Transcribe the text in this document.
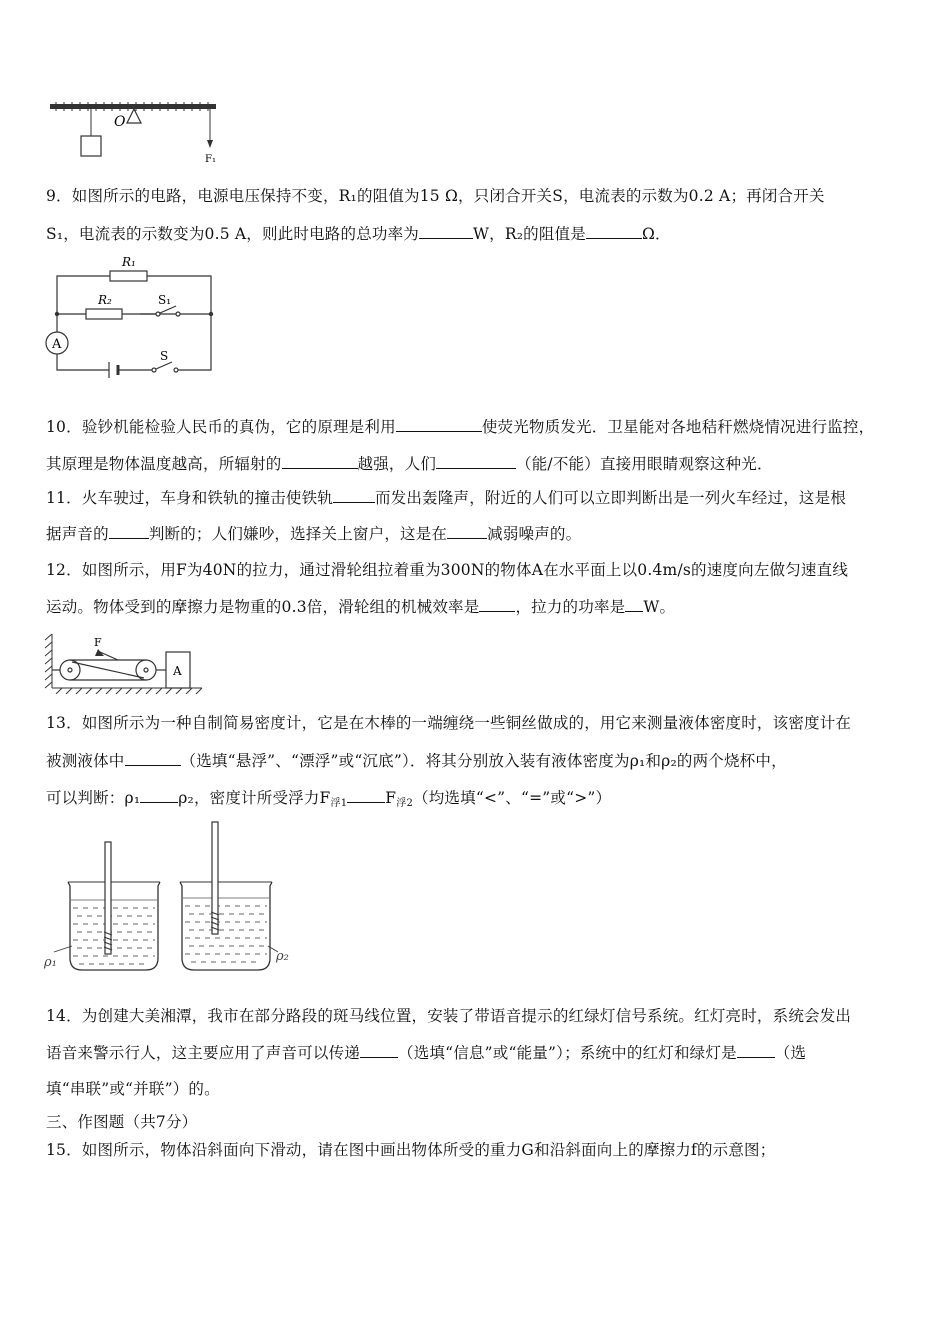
O
F₁
9．如图所示的电路，电源电压保持不变，R₁的阻值为15 Ω，只闭合开关S，电流表的示数为0.2 A；再闭合开关
S₁，电流表的示数变为0.5 A，则此时电路的总功率为	W，R₂的阻值是	Ω．
R₁
R₂	S₁
A
S
10．验钞机能检验人民币的真伪，它的原理是利用	使荧光物质发光．卫星能对各地秸秆燃烧情况进行监控，
其原理是物体温度越高，所辐射的	越强，人们	（能/不能）直接用眼睛观察这种光．
11．火车驶过，车身和铁轨的撞击使铁轨	而发出轰隆声，附近的人们可以立即判断出是一列火车经过，这是根
据声音的	判断的；人们嫌吵，选择关上窗户，这是在	减弱噪声的。
12．如图所示，用F为40N的拉力，通过滑轮组拉着重为300N的物体A在水平面上以0.4m/s的速度向左做匀速直线
运动。物体受到的摩擦力是物重的0.3倍，滑轮组的机械效率是 ，拉力的功率是 W。
F
A
13．如图所示为一种自制简易密度计，它是在木棒的一端缠绕一些铜丝做成的，用它来测量液体密度时，该密度计在
被测液体中	（选填“悬浮”、“漂浮”或“沉底”）．将其分别放入装有液体密度为ρ₁和ρ₂的两个烧杯中，
可以判断：ρ₁ ρ₂，密度计所受浮力$F_{浮1}$ $F_{浮2}$（均选填“<”、“=”或“>”）
ρ₁	ρ₂
14．为创建大美湘潭，我市在部分路段的斑马线位置，安装了带语音提示的红绿灯信号系统。红灯亮时，系统会发出
语音来警示行人，这主要应用了声音可以传递 （选填“信息”或“能量”）；系统中的红灯和绿灯是 （选
填“串联”或“并联”）的。
三、作图题（共7分）
15．如图所示，物体沿斜面向下滑动，请在图中画出物体所受的重力G和沿斜面向上的摩擦力f的示意图；
